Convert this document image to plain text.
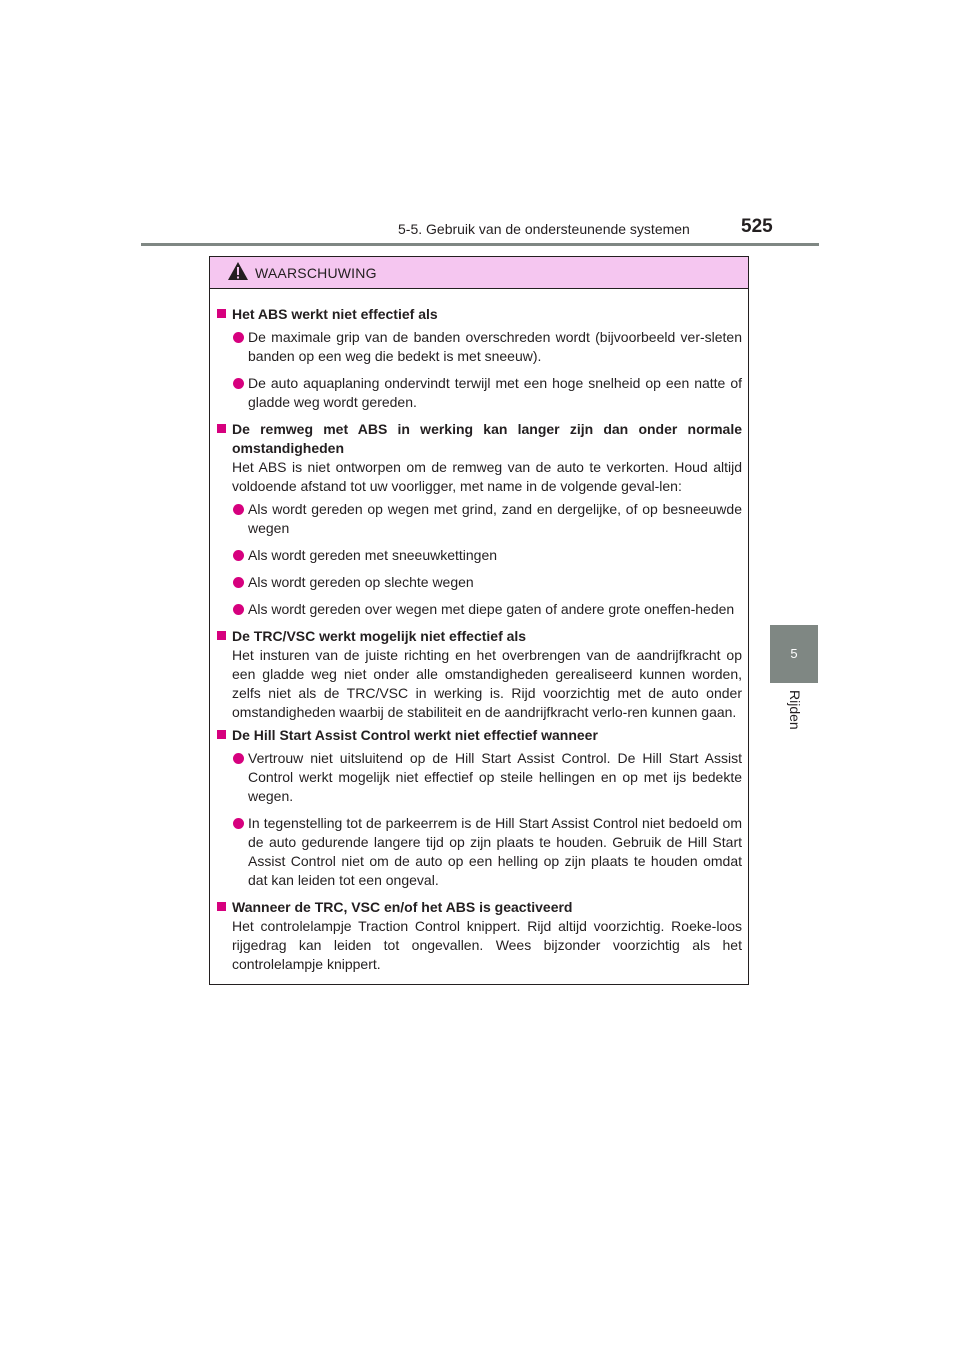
5-5. Gebruik van de ondersteunende systemen	525
5
Rijden
WAARSCHUWING
Het ABS werkt niet effectief als
De maximale grip van de banden overschreden wordt (bijvoorbeeld ver-sleten banden op een weg die bedekt is met sneeuw).
De auto aquaplaning ondervindt terwijl met een hoge snelheid op een natte of gladde weg wordt gereden.
De remweg met ABS in werking kan langer zijn dan onder normale omstandigheden
Het ABS is niet ontworpen om de remweg van de auto te verkorten. Houd altijd voldoende afstand tot uw voorligger, met name in de volgende geval-len:
Als wordt gereden op wegen met grind, zand en dergelijke, of op besneeuwde wegen
Als wordt gereden met sneeuwkettingen
Als wordt gereden op slechte wegen
Als wordt gereden over wegen met diepe gaten of andere grote oneffen-heden
De TRC/VSC werkt mogelijk niet effectief als
Het insturen van de juiste richting en het overbrengen van de aandrijfkracht op een gladde weg niet onder alle omstandigheden gerealiseerd kunnen worden, zelfs niet als de TRC/VSC in werking is. Rijd voorzichtig met de auto onder omstandigheden waarbij de stabiliteit en de aandrijfkracht verlo-ren kunnen gaan.
De Hill Start Assist Control werkt niet effectief wanneer
Vertrouw niet uitsluitend op de Hill Start Assist Control. De Hill Start Assist Control werkt mogelijk niet effectief op steile hellingen en op met ijs bedekte wegen.
In tegenstelling tot de parkeerrem is de Hill Start Assist Control niet bedoeld om de auto gedurende langere tijd op zijn plaats te houden. Gebruik de Hill Start Assist Control niet om de auto op een helling op zijn plaats te houden omdat dat kan leiden tot een ongeval.
Wanneer de TRC, VSC en/of het ABS is geactiveerd
Het controlelampje Traction Control knippert. Rijd altijd voorzichtig. Roeke-loos rijgedrag kan leiden tot ongevallen. Wees bijzonder voorzichtig als het controlelampje knippert.
